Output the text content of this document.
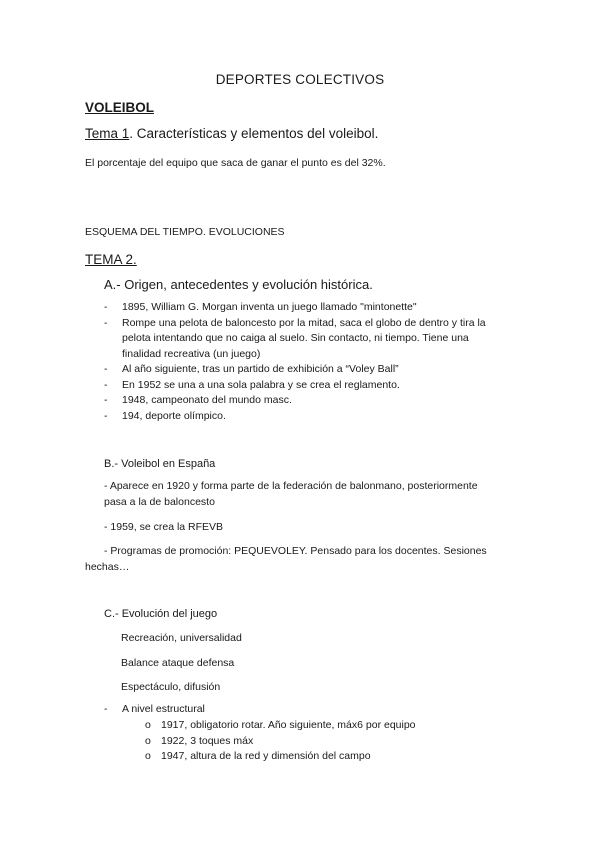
DEPORTES COLECTIVOS
VOLEIBOL
Tema 1. Características y elementos del voleibol.
El porcentaje del equipo que saca de ganar el punto es del 32%.
ESQUEMA DEL TIEMPO. EVOLUCIONES
TEMA 2.
A.- Origen, antecedentes y evolución histórica.
- 1895, William G. Morgan inventa un juego llamado "mintonette"
- Rompe una pelota de baloncesto por la mitad, saca el globo de dentro y tira la
pelota intentando que no caiga al suelo. Sin contacto, ni tiempo. Tiene una
finalidad recreativa (un juego)
- Al año siguiente, tras un partido de exhibición a “Voley Ball”
- En 1952 se una a una sola palabra y se crea el reglamento.
- 1948, campeonato del mundo masc.
- 194, deporte olímpico.
B.- Voleibol en España
- Aparece en 1920 y forma parte de la federación de balonmano, posteriormente
pasa a la de baloncesto
- 1959, se crea la RFEVB
- Programas de promoción: PEQUEVOLEY. Pensado para los docentes. Sesiones
hechas…
C.- Evolución del juego
Recreación, universalidad
Balance ataque defensa
Espectáculo, difusión
- A nivel estructural
o 1917, obligatorio rotar. Año siguiente, máx6 por equipo
o 1922, 3 toques máx
o 1947, altura de la red y dimensión del campo
